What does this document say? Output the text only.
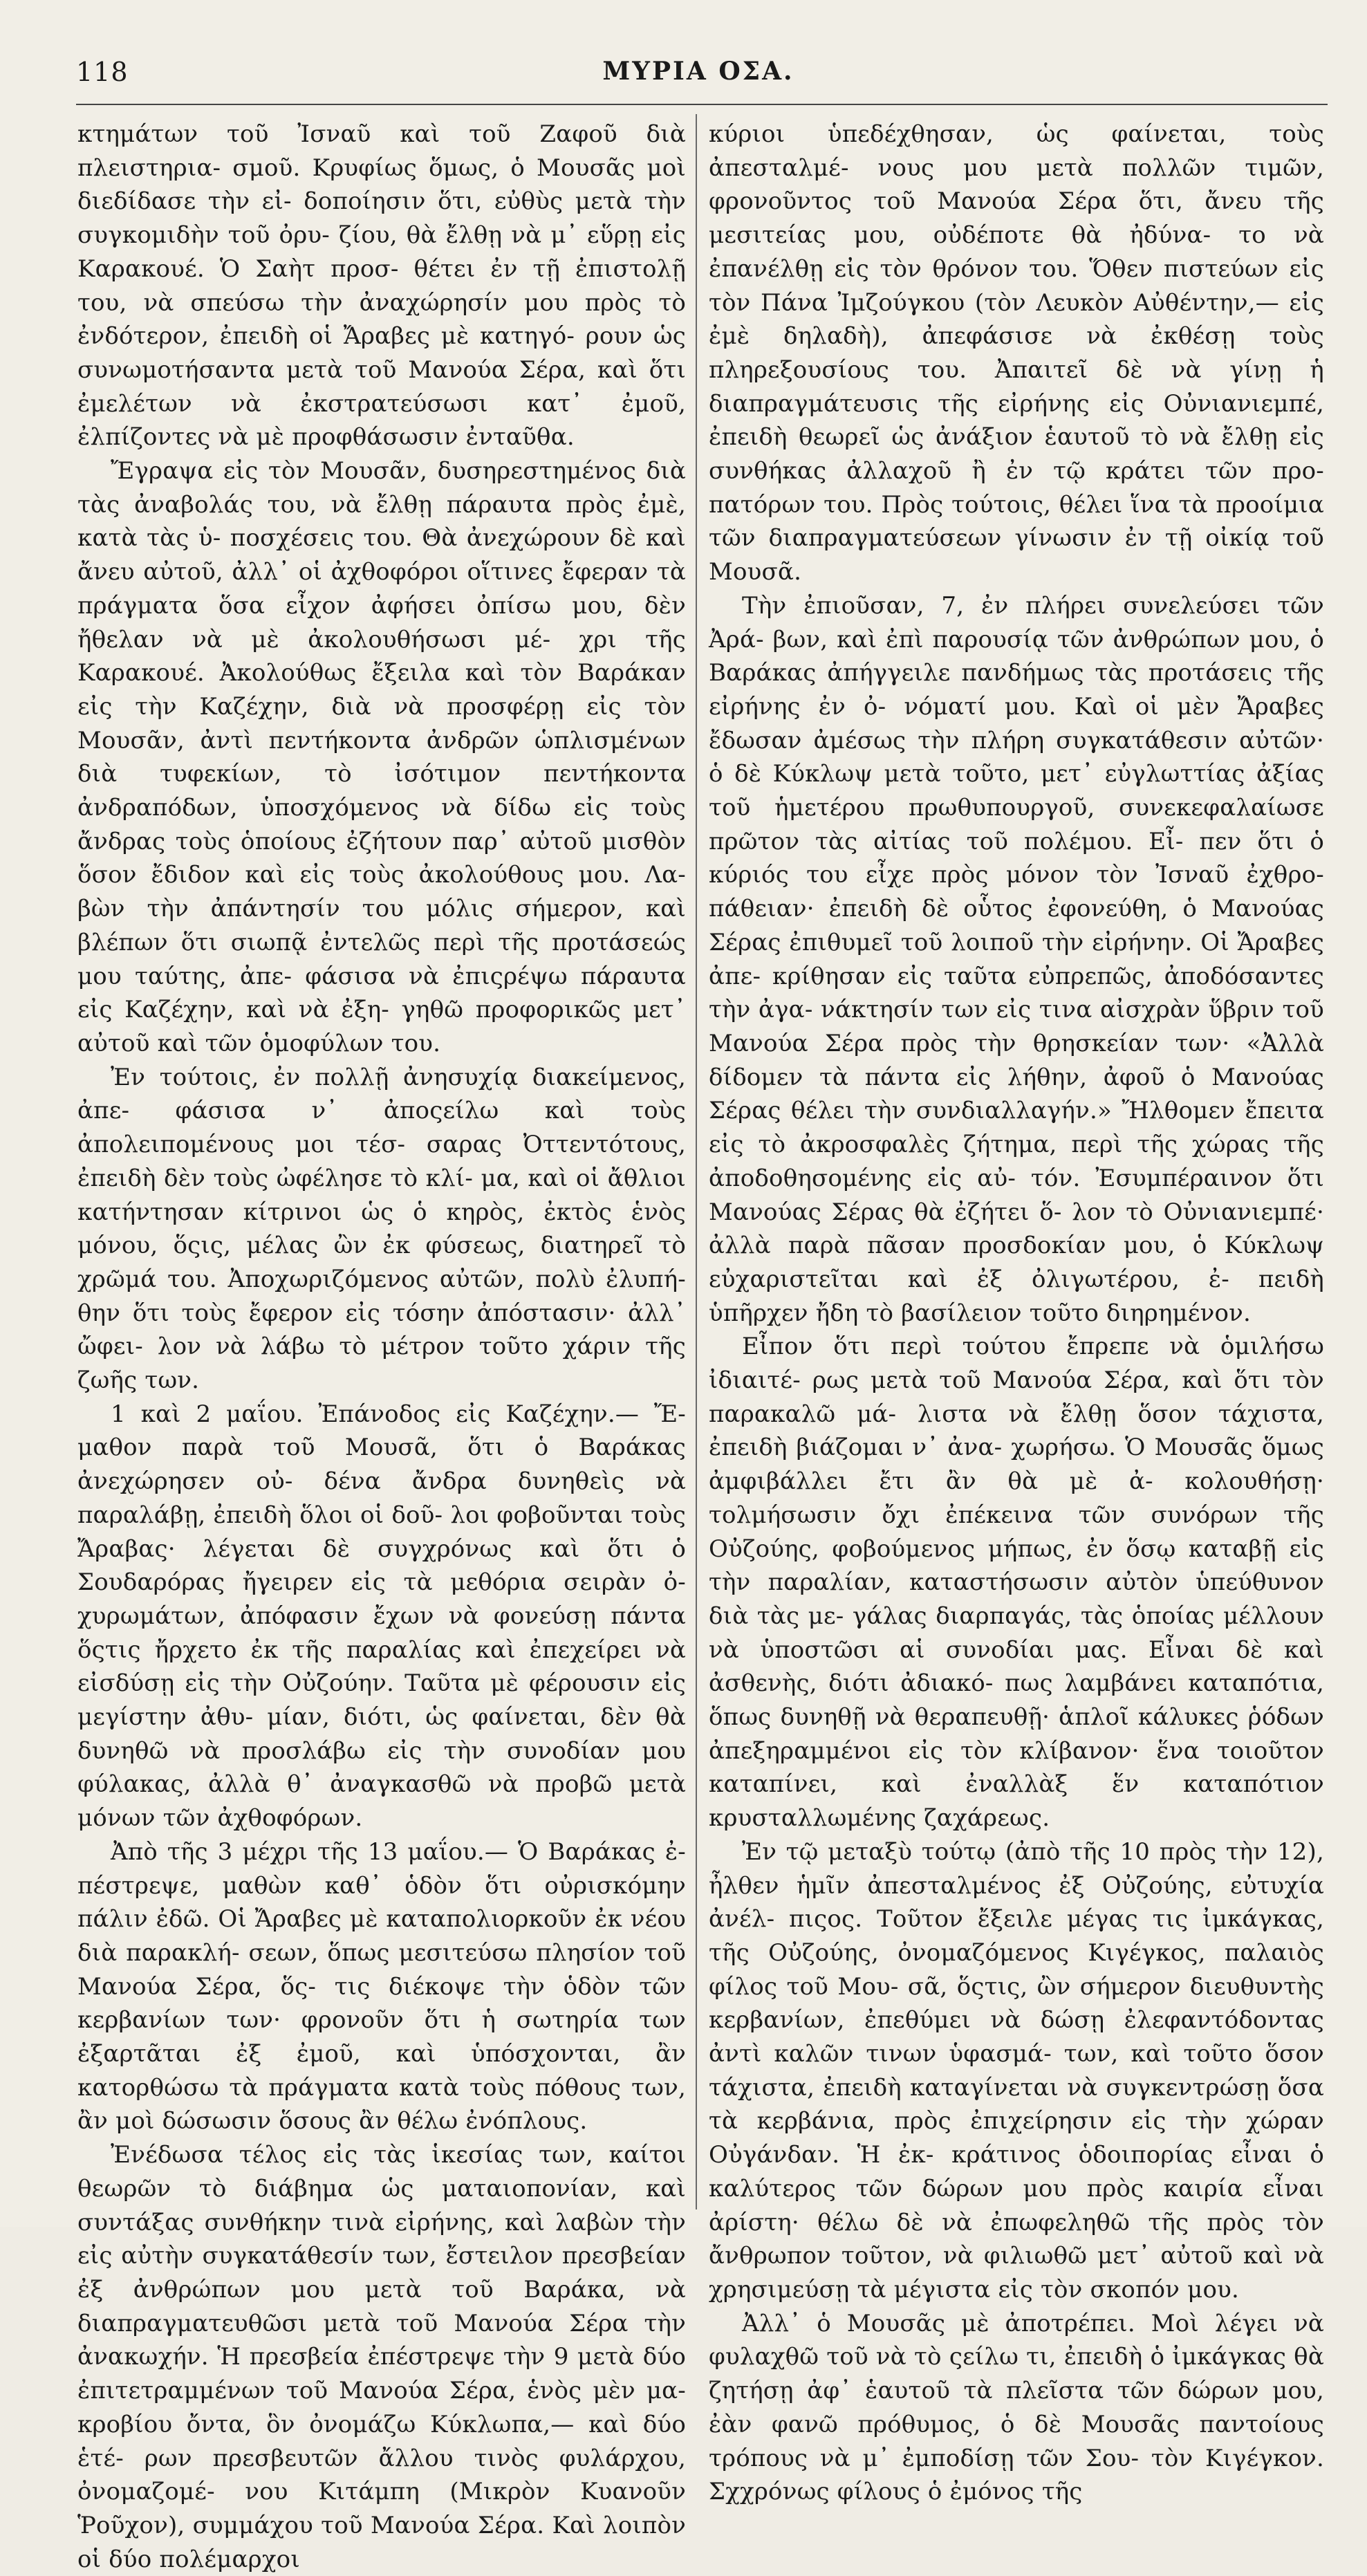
118	ΜΥΡΙΑ ΟΣΑ.

κτημάτων τοῦ Ἰσναῦ καὶ τοῦ Ζαφοῦ διὰ πλειστηρια- σμοῦ. Κρυφίως ὅμως, ὁ Μουσᾶς μοὶ διεδίδασε τὴν εἰ- δοποίησιν ὅτι, εὐθὺς μετὰ τὴν συγκομιδὴν τοῦ ὀρυ- ζίου, θὰ ἔλθῃ νὰ μ᾿ εὕρῃ εἰς Καρακουέ. Ὁ Σαὴτ προσ- θέτει ἐν τῇ ἐπιστολῇ του, νὰ σπεύσω τὴν ἀναχώρησίν μου πρὸς τὸ ἐνδότερον, ἐπειδὴ οἱ Ἄραβες μὲ κατηγό- ρουν ὡς συνωμοτήσαντα μετὰ τοῦ Μανούα Σέρα, καὶ ὅτι ἐμελέτων νὰ ἐκστρατεύσωσι κατ᾿ ἐμοῦ, ἐλπίζοντες νὰ μὲ προφθάσωσιν ἐνταῦθα.

Ἔγραψα εἰς τὸν Μουσᾶν, δυσηρεστημένος διὰ τὰς ἀναβολάς του, νὰ ἔλθῃ πάραυτα πρὸς ἐμὲ, κατὰ τὰς ὑ- ποσχέσεις του. Θὰ ἀνεχώρουν δὲ καὶ ἄνευ αὐτοῦ, ἀλλ᾿ οἱ ἀχθοφόροι οἵτινες ἔφεραν τὰ πράγματα ὅσα εἶχον ἀφήσει ὀπίσω μου, δὲν ἤθελαν νὰ μὲ ἀκολουθήσωσι μέ- χρι τῆς Καρακουέ. Ἀκολούθως ἔξειλα καὶ τὸν Βαράκαν εἰς τὴν Καζέχην, διὰ νὰ προσφέρῃ εἰς τὸν Μουσᾶν, ἀντὶ πεντήκοντα ἀνδρῶν ὡπλισμένων διὰ τυφεκίων, τὸ ἰσότιμον πεντήκοντα ἀνδραπόδων, ὑποσχόμενος νὰ δίδω εἰς τοὺς ἄνδρας τοὺς ὁποίους ἐζήτουν παρ᾿ αὐτοῦ μισθὸν ὅσον ἔδιδον καὶ εἰς τοὺς ἀκολούθους μου. Λα- βὼν τὴν ἀπάντησίν του μόλις σήμερον, καὶ βλέπων ὅτι σιωπᾷ ἐντελῶς περὶ τῆς προτάσεώς μου ταύτης, ἀπε- φάσισα νὰ ἐπιςρέψω πάραυτα εἰς Καζέχην, καὶ νὰ ἐξη- γηθῶ προφορικῶς μετ᾿ αὐτοῦ καὶ τῶν ὁμοφύλων του.

Ἐν τούτοις, ἐν πολλῇ ἀνησυχίᾳ διακείμενος, ἀπε- φάσισα ν᾿ ἀποςείλω καὶ τοὺς ἀπολειπομένους μοι τέσ- σαρας Ὀττεντότους, ἐπειδὴ δὲν τοὺς ὠφέλησε τὸ κλί- μα, καὶ οἱ ἄθλιοι κατήντησαν κίτρινοι ὡς ὁ κηρὸς, ἐκτὸς ἑνὸς μόνου, ὅςις, μέλας ὢν ἐκ φύσεως, διατηρεῖ τὸ χρῶμά του. Ἀποχωριζόμενος αὐτῶν, πολὺ ἐλυπή- θην ὅτι τοὺς ἔφερον εἰς τόσην ἀπόστασιν· ἀλλ᾿ ὤφει- λον νὰ λάβω τὸ μέτρον τοῦτο χάριν τῆς ζωῆς των.

1 καὶ 2 μαΐου. Ἐπάνοδος εἰς Καζέχην.— Ἔ- μαθον παρὰ τοῦ Μουσᾶ, ὅτι ὁ Βαράκας ἀνεχώρησεν οὐ- δένα ἄνδρα δυνηθεὶς νὰ παραλάβῃ, ἐπειδὴ ὅλοι οἱ δοῦ- λοι φοβοῦνται τοὺς Ἄραβας· λέγεται δὲ συγχρόνως καὶ ὅτι ὁ Σουδαρόρας ἤγειρεν εἰς τὰ μεθόρια σειρὰν ὀ- χυρωμάτων, ἀπόφασιν ἔχων νὰ φονεύσῃ πάντα ὅςτις ἤρχετο ἐκ τῆς παραλίας καὶ ἐπεχείρει νὰ εἰσδύσῃ εἰς τὴν Οὐζούην. Ταῦτα μὲ φέρουσιν εἰς μεγίστην ἀθυ- μίαν, διότι, ὡς φαίνεται, δὲν θὰ δυνηθῶ νὰ προσλάβω εἰς τὴν συνοδίαν μου φύλακας, ἀλλὰ θ᾿ ἀναγκασθῶ νὰ προβῶ μετὰ μόνων τῶν ἀχθοφόρων.

Ἀπὸ τῆς 3 μέχρι τῆς 13 μαΐου.— Ὁ Βαράκας ἐ- πέστρεψε, μαθὼν καθ᾿ ὁδὸν ὅτι οὐρισκόμην πάλιν ἐδῶ. Οἱ Ἄραβες μὲ καταπολιορκοῦν ἐκ νέου διὰ παρακλή- σεων, ὅπως μεσιτεύσω πλησίον τοῦ Μανούα Σέρα, ὅς- τις διέκοψε τὴν ὁδὸν τῶν κερβανίων των· φρονοῦν ὅτι ἡ σωτηρία των ἐξαρτᾶται ἐξ ἐμοῦ, καὶ ὑπόσχονται, ἂν κατορθώσω τὰ πράγματα κατὰ τοὺς πόθους των, ἂν μοὶ δώσωσιν ὅσους ἂν θέλω ἐνόπλους.

Ἐνέδωσα τέλος εἰς τὰς ἱκεσίας των, καίτοι θεωρῶν τὸ διάβημα ὡς ματαιοπονίαν, καὶ συντάξας συνθήκην τινὰ εἰρήνης, καὶ λαβὼν τὴν εἰς αὐτὴν συγκατάθεσίν των, ἔστειλον πρεσβείαν ἐξ ἀνθρώπων μου μετὰ τοῦ Βαράκα, νὰ διαπραγματευθῶσι μετὰ τοῦ Μανούα Σέρα τὴν ἀνακωχήν. Ἡ πρεσβεία ἐπέστρεψε τὴν 9 μετὰ δύο ἐπιτετραμμένων τοῦ Μανούα Σέρα, ἑνὸς μὲν μα- κροβίου ὄντα, ὃν ὀνομάζω Κύκλωπα,— καὶ δύο ἑτέ- ρων πρεσβευτῶν ἄλλου τινὸς φυλάρχου, ὀνομαζομέ- νου Κιτάμπη (Μικρὸν Κυανοῦν Ῥοῦχον), συμμάχου τοῦ Μανούα Σέρα. Καὶ λοιπὸν οἱ δύο πολέμαρχοι

κύριοι ὑπεδέχθησαν, ὡς φαίνεται, τοὺς ἀπεσταλμέ- νους μου μετὰ πολλῶν τιμῶν, φρονοῦντος τοῦ Μανούα Σέρα ὅτι, ἄνευ τῆς μεσιτείας μου, οὐδέποτε θὰ ἠδύνα- το νὰ ἐπανέλθῃ εἰς τὸν θρόνον του. Ὅθεν πιστεύων εἰς τὸν Πάνα Ἰμζούγκου (τὸν Λευκὸν Αὐθέντην,— εἰς ἐμὲ δηλαδὴ), ἀπεφάσισε νὰ ἐκθέσῃ τοὺς πληρεξουσίους του. Ἀπαιτεῖ δὲ νὰ γίνῃ ἡ διαπραγμάτευσις τῆς εἰρήνης εἰς Οὐνιανιεμπέ, ἐπειδὴ θεωρεῖ ὡς ἀνάξιον ἑαυτοῦ τὸ νὰ ἔλθῃ εἰς συνθήκας ἀλλαχοῦ ἢ ἐν τῷ κράτει τῶν προ- πατόρων του. Πρὸς τούτοις, θέλει ἵνα τὰ προοίμια τῶν διαπραγματεύσεων γίνωσιν ἐν τῇ οἰκίᾳ τοῦ Μουσᾶ.

Τὴν ἐπιοῦσαν, 7, ἐν πλήρει συνελεύσει τῶν Ἀρά- βων, καὶ ἐπὶ παρουσίᾳ τῶν ἀνθρώπων μου, ὁ Βαράκας ἀπήγγειλε πανδήμως τὰς προτάσεις τῆς εἰρήνης ἐν ὀ- νόματί μου. Καὶ οἱ μὲν Ἄραβες ἔδωσαν ἀμέσως τὴν πλήρη συγκατάθεσιν αὐτῶν· ὁ δὲ Κύκλωψ μετὰ τοῦτο, μετ᾿ εὐγλωττίας ἀξίας τοῦ ἡμετέρου πρωθυπουργοῦ, συνεκεφαλαίωσε πρῶτον τὰς αἰτίας τοῦ πολέμου. Εἶ- πεν ὅτι ὁ κύριός του εἶχε πρὸς μόνον τὸν Ἰσναῦ ἐχθρο- πάθειαν· ἐπειδὴ δὲ οὗτος ἐφονεύθη, ὁ Μανούας Σέρας ἐπιθυμεῖ τοῦ λοιποῦ τὴν εἰρήνην. Οἱ Ἄραβες ἀπε- κρίθησαν εἰς ταῦτα εὐπρεπῶς, ἀποδόσαντες τὴν ἀγα- νάκτησίν των εἰς τινα αἰσχρὰν ὕβριν τοῦ Μανούα Σέρα πρὸς τὴν θρησκείαν των· «Ἀλλὰ δίδομεν τὰ πάντα εἰς λήθην, ἀφοῦ ὁ Μανούας Σέρας θέλει τὴν συνδιαλλαγήν.» Ἤλθομεν ἔπειτα εἰς τὸ ἀκροσφαλὲς ζήτημα, περὶ τῆς χώρας τῆς ἀποδοθησομένης εἰς αὐ- τόν. Ἐσυμπέραινον ὅτι Μανούας Σέρας θὰ ἐζήτει ὅ- λον τὸ Οὐνιανιεμπέ· ἀλλὰ παρὰ πᾶσαν προσδοκίαν μου, ὁ Κύκλωψ εὐχαριστεῖται καὶ ἐξ ὀλιγωτέρου, ἐ- πειδὴ ὑπῆρχεν ἤδη τὸ βασίλειον τοῦτο διηρημένον.

Εἶπον ὅτι περὶ τούτου ἔπρεπε νὰ ὁμιλήσω ἰδιαιτέ- ρως μετὰ τοῦ Μανούα Σέρα, καὶ ὅτι τὸν παρακαλῶ μά- λιστα νὰ ἔλθῃ ὅσον τάχιστα, ἐπειδὴ βιάζομαι ν᾿ ἀνα- χωρήσω. Ὁ Μουσᾶς ὅμως ἀμφιβάλλει ἔτι ἂν θὰ μὲ ἀ- κολουθήσῃ· τολμήσωσιν ὄχι ἐπέκεινα τῶν συνόρων τῆς Οὐζούης, φοβούμενος μήπως, ἐν ὅσῳ καταβῇ εἰς τὴν παραλίαν, καταστήσωσιν αὐτὸν ὑπεύθυνον διὰ τὰς με- γάλας διαρπαγάς, τὰς ὁποίας μέλλουν νὰ ὑποστῶσι αἱ συνοδίαι μας. Εἶναι δὲ καὶ ἀσθενὴς, διότι ἀδιακό- πως λαμβάνει καταπότια, ὅπως δυνηθῇ νὰ θεραπευθῇ· ἁπλοῖ κάλυκες ῥόδων ἀπεξηραμμένοι εἰς τὸν κλίβανον· ἕνα τοιοῦτον καταπίνει, καὶ ἐναλλὰξ ἕν καταπότιον κρυσταλλωμένης ζαχάρεως.

Ἐν τῷ μεταξὺ τούτῳ (ἀπὸ τῆς 10 πρὸς τὴν 12), ἦλθεν ἡμῖν ἀπεσταλμένος ἐξ Οὐζούης, εὐτυχία ἀνέλ- πιςος. Τοῦτον ἔξειλε μέγας τις ἰμκάγκας, τῆς Οὐζούης, ὀνομαζόμενος Κιγέγκος, παλαιὸς φίλος τοῦ Μου- σᾶ, ὅςτις, ὢν σήμερον διευθυντὴς κερβανίων, ἐπεθύμει νὰ δώσῃ ἐλεφαντόδοντας ἀντὶ καλῶν τινων ὑφασμά- των, καὶ τοῦτο ὅσον τάχιστα, ἐπειδὴ καταγίνεται νὰ συγκεντρώσῃ ὅσα τὰ κερβάνια, πρὸς ἐπιχείρησιν εἰς τὴν χώραν Οὐγάνδαν. Ἡ ἐκ- κράτινος ὁδοιπορίας εἶναι ὁ καλύτερος τῶν δώρων μου πρὸς καιρία εἶναι ἀρίστη· θέλω δὲ νὰ ἐπωφεληθῶ τῆς πρὸς τὸν ἄνθρωπον τοῦτον, νὰ φιλιωθῶ μετ᾿ αὐτοῦ καὶ νὰ χρησιμεύσῃ τὰ μέγιστα εἰς τὸν σκοπόν μου.

Ἀλλ᾿ ὁ Μουσᾶς μὲ ἀποτρέπει. Μοὶ λέγει νὰ φυλαχθῶ τοῦ νὰ τὸ ςείλω τι, ἐπειδὴ ὁ ἰμκάγκας θὰ ζητήσῃ ἀφ᾿ ἑαυτοῦ τὰ πλεῖστα τῶν δώρων μου, ἐὰν φανῶ πρόθυμος, ὁ δὲ Μουσᾶς παντοίους τρόπους νὰ μ᾿ ἐμποδίσῃ τῶν Σου- τὸν Κιγέγκον. Σχχρόνως φίλους ὁ ἐμόνος τῆς
